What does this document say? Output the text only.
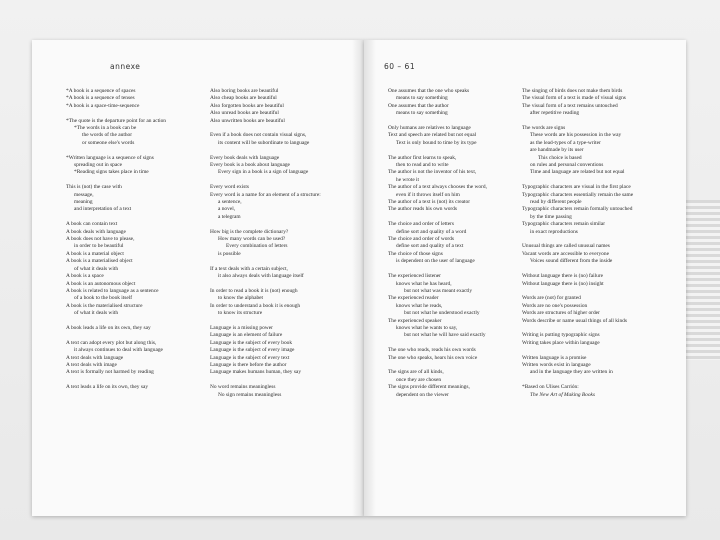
annexe
*A book is a sequence of spaces
*A book is a sequence of tenses
*A book is a space-time-sequence
*The quote is the departure point for an action
*The words in a book can be
the words of the author
or someone else's words
*Written language is a sequence of signs
spreading out in space
*Reading signs takes place in time
This is (not) the case with
message,
meaning
and interpretation of a text
A book can contain text
A book deals with language
A book does not have to please,
in order to be beautiful
A book is a material object
A book is a materialised object
of what it deals with
A book is a space
A book is an autonomous object
A book is related to language as a sentence
of a book to the book itself
A book is the materialised structure
of what it deals with
A book leads a life on its own, they say
A text can adopt every plot but along this,
it always continues to deal with language
A text deals with language
A text deals with image
A text is formally not harmed by reading
A text leads a life on its own, they say
Also boring books are beautiful
Also cheap books are beautiful
Also forgotten books are beautiful
Also unread books are beautiful
Also unwritten books are beautiful
Even if a book does not contain visual signs,
its content will be subordinate to language
Every book deals with language
Every book is a book about language
Every sign in a book is a sign of language
Every word exists
Every word is a name for an element of a structure:
a sentence,
a novel,
a telegram
How big is the complete dictionary?
How many words can be used?
Every combination of letters
is possible
If a text deals with a certain subject,
it also always deals with language itself
In order to read a book it is (not) enough
to know the alphabet
In order to understand a book it is enough
to know its structure
Language is a missing power
Language is an element of failure
Language is the subject of every book
Language is the subject of every image
Language is the subject of every text
Language is there before the author
Language makes humans human, they say
No word remains meaningless
No sign remains meaningless
60 – 61
One assumes that the one who speaks
means to say something
One assumes that the author
means to say something
Only humans are relatives to language
Text and speech are related but not equal
Text is only bound to time by its type
The author first learns to speak,
then to read and to write
The author is not the inventor of his text,
he wrote it
The author of a text always chooses the word,
even if it throws itself on him
The author of a text is (not) its creator
The author reads his own words
The choice and order of letters
define sort and quality of a word
The choice and order of words
define sort and quality of a text
The choice of those signs
is dependent on the user of language
The experienced listener
knows what he has heard,
but not what was meant exactly
The experienced reader
knows what he reads,
but not what he understood exactly
The experienced speaker
knows what he wants to say,
but not what he will have said exactly
The one who reads, reads his own words
The one who speaks, hears his own voice
The signs are of all kinds,
once they are chosen
The signs provide different meanings,
dependent on the viewer
The singing of birds does not make them birds
The visual form of a text is made of visual signs
The visual form of a text remains untouched
after repetitive reading
The words are signs
These words are his possession in the way
as the lead-types of a type-writer
are handmade by its user
This choice is based
on rules and personal conventions
Time and language are related but not equal
Typographic characters are visual in the first place
Typographic characters essentially remain the same
read by different people
Typographic characters remain formally untouched
by the time passing
Typographic characters remain similar
in exact reproductions
Unusual things are called unusual names
Vacant words are accessible to everyone
Voices sound different from the inside
Without language there is (no) failure
Without language there is (no) insight
Words are (not) for granted
Words are no one's possession
Words are structures of higher order
Words describe or name usual things of all kinds
Writing is putting typographic signs
Writing takes place within language
Written language is a promise
Written words exist in language
and in the language they are written in
*Based on Ulises Carrión:
The New Art of Making Books
